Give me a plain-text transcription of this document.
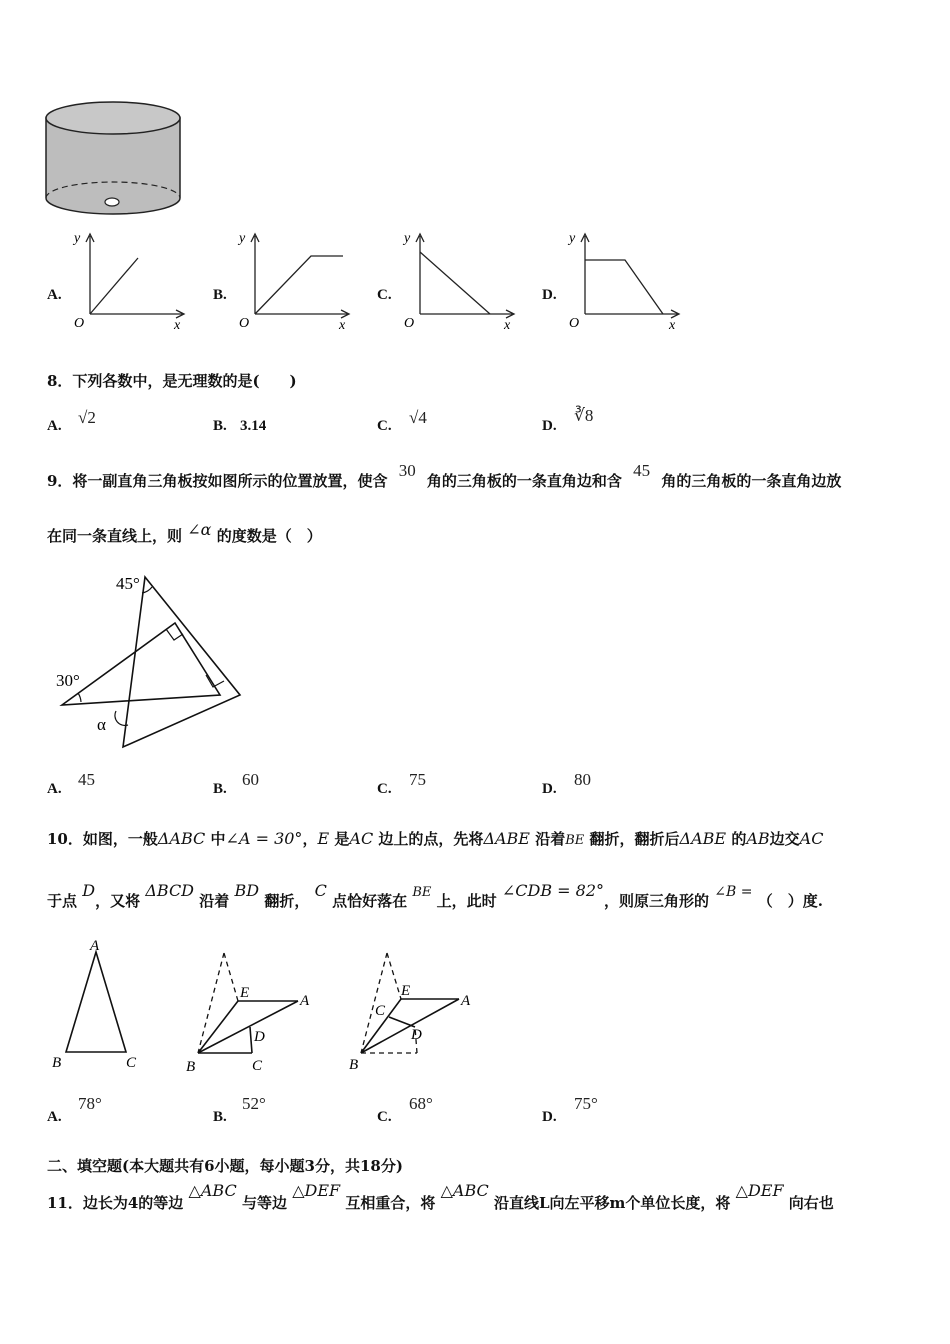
A.
y
O	x
B.
y
O	x
C.
y
O	x
D.
y
O	x
8．下列各数中，是无理数的是(　　)
A. √2	B. 3.14	C. √4	D.
∛8
9．将一副直角三角板按如图所示的位置放置，使含 30 角的三角板的一条直角边和含 45 角的三角板的一条直角边放
在同一条直线上，则 ∠α 的度数是（　）
45°
30°
α
A. 45	B. 60	C. 75	D. 80
10．如图，一般ΔABC 中∠A = 30°，E 是AC 边上的点，先将ΔABE 沿着BE 翻折，翻折后ΔABE 的AB边交AC
于点 D，又将 ΔBCD 沿着 BD 翻折， C 点恰好落在 BE 上，此时 ∠CDB = 82°，则原三角形的 ∠B = （　）度.
A
B	C
E	A
D
B	C
C
E
A
D
B
A.
78°
B.
52°
C.
68°
D.
75°
二、填空题(本大题共有6小题，每小题3分，共18分)
11．边长为4的等边 △ABC 与等边 △DEF 互相重合，将 △ABC 沿直线L向左平移m个单位长度，将 △DEF 向右也
